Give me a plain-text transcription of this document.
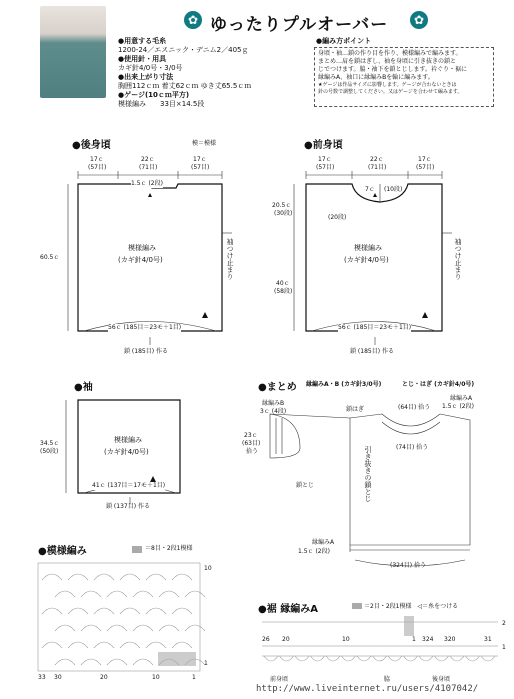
✿ ゆったりプルオーバー	✿
●用意する毛糸
1200-24／エスニック・デニム2／405ｇ
●使用針・用具
カギ針4/0号・3/0号
●出来上がり寸法
胸囲112ｃｍ 着丈62ｃｍ ゆき丈65.5ｃｍ
●ゲージ(10ｃｍ平方)
模様編み　　33目×14.5段
●編み方ポイント
身頃・袖…鎖の作り目を作り、模様編みで編みます。
まとめ…肩を鎖はぎし、袖を身頃に引き抜きの鎖と
じでつけます。脇・袖下を鎖とじします。衿ぐり・裾に
縁編みA、袖口に縁編みBを輪に編みます。
★ゲージは作品サイズに影響します。ゲージが合わないときは
針の号数で調整してください。又はゲージを合わせて編みます。
●後身頃	模＝模様
17ｃ
(57目)
22ｃ
(71目)
17ｃ
(57目)
1.5ｃ (2段)
60.5ｃ
模様編み
(カギ針4/0号)	袖つけ止まり
56ｃ (185目＝23モ＋1目)
鎖 (185目) 作る
●前身頃
17ｃ
(57目)
22ｃ
(71目)
17ｃ
(57目)
7ｃ (10段)
(20段)
20.5ｃ
(30段)
40ｃ
(58段)
模様編み
(カギ針4/0号)	袖つけ止まり
56ｃ (185目＝23モ＋1目)
鎖 (185目) 作る
●袖
34.5ｃ
(50段)
模様編み
(カギ針4/0号)
41ｃ (137目＝17モ＋1目)
鎖 (137目) 作る
●まとめ 縁編みA・B (カギ針3/0号)	とじ・はぎ (カギ針4/0号)
縁編みB
3ｃ (4段)
23ｃ
(63目)
拾う
鎖はぎ	(64目) 拾う
縁編みA
1.5ｃ (2段)
(74目) 拾う
鎖とじ	引き抜きの鎖とじ
縁編みA
1.5ｃ (2段)
(324目) 拾う
●模様編み	＝8目・2段1模様
10
1
33 30	20	10	1
●裾 縁編みA	＝2目・2段1模様　◁＝糸をつける
26 20	10	1 324 320	31
2
1
前身頃	脇	後身頃
http://www.liveinternet.ru/users/4107042/
